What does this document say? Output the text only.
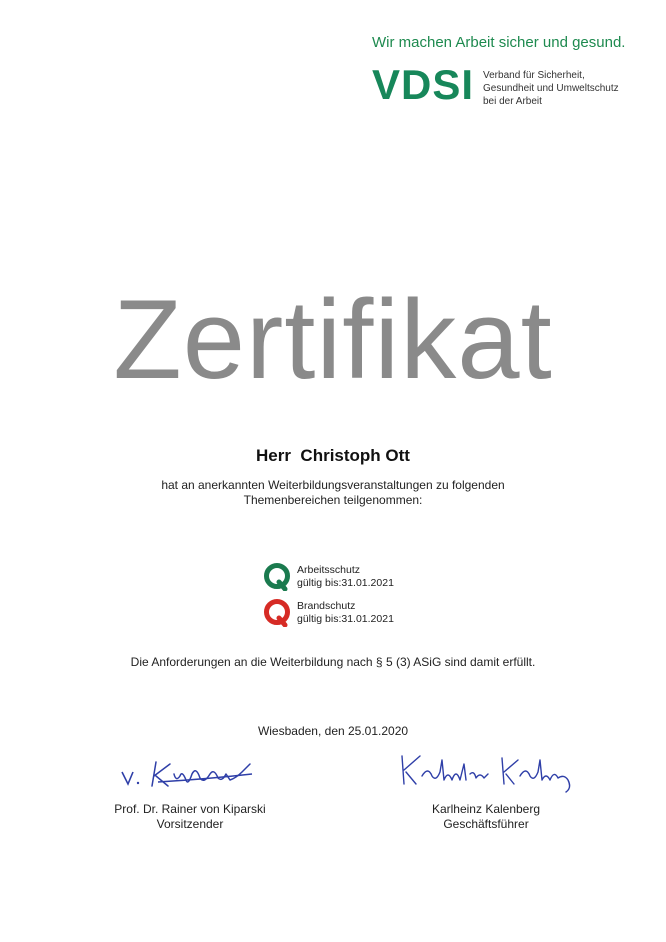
Wir machen Arbeit sicher und gesund.
VDSI Verband für Sicherheit,
Gesundheit und Umweltschutz
bei der Arbeit
Zertifikat
Herr  Christoph Ott
hat an anerkannten Weiterbildungsveranstaltungen zu folgenden
Themenbereichen teilgenommen:
Arbeitsschutz
gültig bis:31.01.2021
Brandschutz
gültig bis:31.01.2021
Die Anforderungen an die Weiterbildung nach § 5 (3) ASiG sind damit erfüllt.
Wiesbaden, den 25.01.2020
Prof. Dr. Rainer von Kiparski
Vorsitzender
Karlheinz Kalenberg
Geschäftsführer
